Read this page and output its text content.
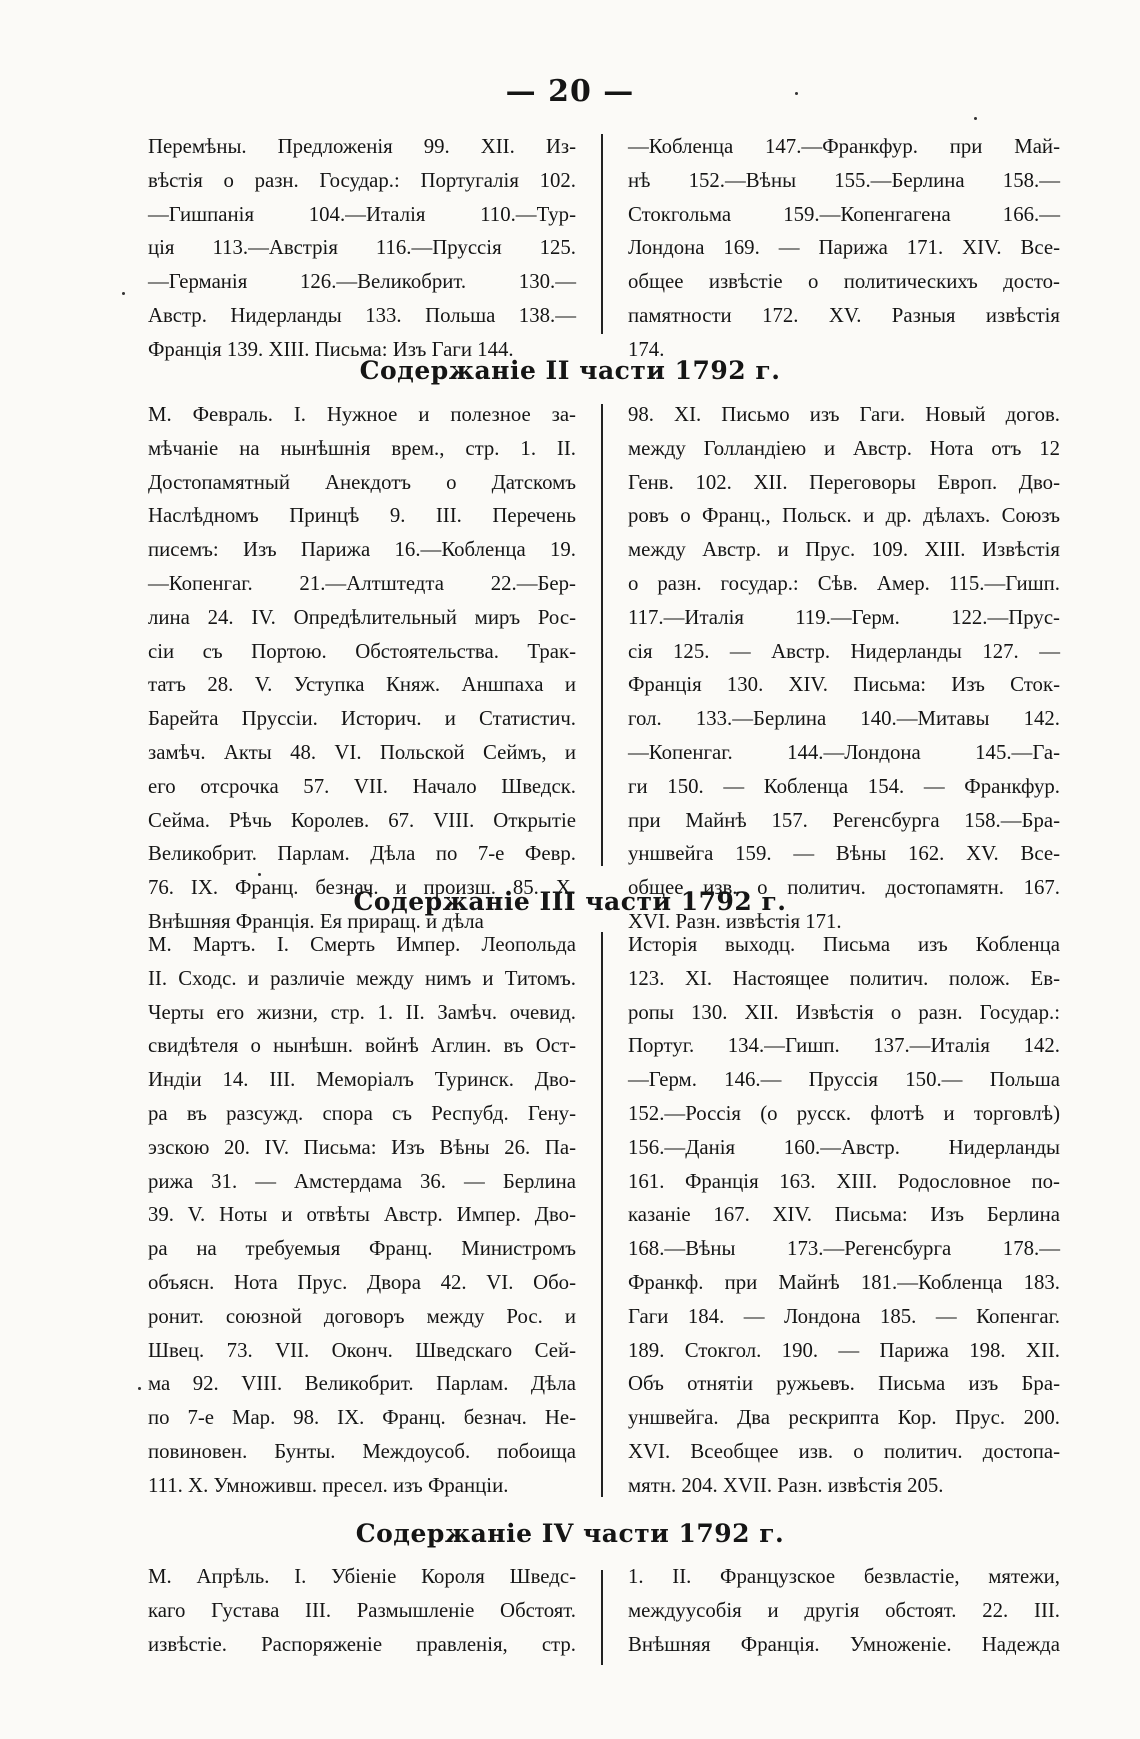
— 20 —
Перемѣны. Предложенія 99. XII. Из-
вѣстія о разн. Государ.: Португалія 102.
—Гишпанія 104.—Италія 110.—Тур-
ція 113.—Австрія 116.—Пруссія 125.
—Германія 126.—Великобрит. 130.—
Австр. Нидерланды 133. Польша 138.—
Франція 139. XIII. Письма: Изъ Гаги 144.
—Кобленца 147.—Франкфур. при Май-
нѣ 152.—Вѣны 155.—Берлина 158.—
Стокгольма 159.—Копенгагена 166.—
Лондона 169. — Парижа 171. XIV. Все-
общее извѣстіе о политическихъ досто-
памятности 172. XV. Разныя извѣстія
174.
Содержаніе II части 1792 г.
М. Февраль. I. Нужное и полезное за-
мѣчаніе на нынѣшнія врем., стр. 1. II.
Достопамятный Анекдотъ о Датскомъ
Наслѣдномъ Принцѣ 9. III. Перечень
писемъ: Изъ Парижа 16.—Кобленца 19.
—Копенгаг. 21.—Алтштедта 22.—Бер-
лина 24. IV. Опредѣлительный миръ Рос-
сіи съ Портою. Обстоятельства. Трак-
татъ 28. V. Уступка Княж. Аншпаха и
Барейта Пруссіи. Историч. и Статистич.
замѣч. Акты 48. VI. Польской Сеймъ, и
его отсрочка 57. VII. Начало Шведск.
Сейма. Рѣчь Королев. 67. VIII. Открытіе
Великобрит. Парлам. Дѣла по 7-е Февр.
76. IX. Франц. безнач. и произш. 85. X.
Внѣшняя Франція. Ея приращ. и дѣла
98. XI. Письмо изъ Гаги. Новый догов.
между Голландіею и Австр. Нота отъ 12
Генв. 102. XII. Переговоры Европ. Дво-
ровъ о Франц., Польск. и др. дѣлахъ. Союзъ
между Австр. и Прус. 109. XIII. Извѣстія
о разн. государ.: Сѣв. Амер. 115.—Гишп.
117.—Италія 119.—Герм. 122.—Прус-
сія 125. — Австр. Нидерланды 127. —
Франція 130. XIV. Письма: Изъ Сток-
гол. 133.—Берлина 140.—Митавы 142.
—Копенгаг. 144.—Лондона 145.—Га-
ги 150. — Кобленца 154. — Франкфур.
при Майнѣ 157. Регенсбурга 158.—Бра-
уншвейга 159. — Вѣны 162. XV. Все-
общее изв. о политич. достопамятн. 167.
XVI. Разн. извѣстія 171.
Содержаніе III части 1792 г.
М. Мартъ. I. Смерть Импер. Леопольда
II. Сходс. и различіе между нимъ и Титомъ.
Черты его жизни, стр. 1. II. Замѣч. очевид.
свидѣтеля о нынѣшн. войнѣ Аглин. въ Ост-
Индіи 14. III. Меморіалъ Туринск. Дво-
ра въ разсужд. спора съ Респубд. Гену-
эзскою 20. IV. Письма: Изъ Вѣны 26. Па-
рижа 31. — Амстердама 36. — Берлина
39. V. Ноты и отвѣты Австр. Импер. Дво-
ра на требуемыя Франц. Министромъ
объясн. Нота Прус. Двора 42. VI. Обо-
ронит. союзной договоръ между Рос. и
Швец. 73. VII. Оконч. Шведскаго Сей-
ма 92. VIII. Великобрит. Парлам. Дѣла
по 7-е Мар. 98. IX. Франц. безнач. Не-
повиновен. Бунты. Междоусоб. побоища
111. X. Умноживш. пресел. изъ Франціи.
Исторія выходц. Письма изъ Кобленца
123. XI. Настоящее политич. полож. Ев-
ропы 130. XII. Извѣстія о разн. Государ.:
Португ. 134.—Гишп. 137.—Италія 142.
—Герм. 146.— Пруссія 150.— Польша
152.—Россія (о русск. флотѣ и торговлѣ)
156.—Данія 160.—Австр. Нидерланды
161. Франція 163. XIII. Родословное по-
казаніе 167. XIV. Письма: Изъ Берлина
168.—Вѣны 173.—Регенсбурга 178.—
Франкф. при Майнѣ 181.—Кобленца 183.
Гаги 184. — Лондона 185. — Копенгаг.
189. Стокгол. 190. — Парижа 198. XII.
Объ отнятіи ружьевъ. Письма изъ Бра-
уншвейга. Два рескрипта Кор. Прус. 200.
XVI. Всеобщее изв. о политич. достопа-
мятн. 204. XVII. Разн. извѣстія 205.
Содержаніе IV части 1792 г.
М. Апрѣль. I. Убіеніе Короля Шведс-
каго Густава III. Размышленіе Обстоят.
извѣстіе. Распоряженіе правленія, стр.
1. II. Французское безвластіе, мятежи,
междуусобія и другія обстоят. 22. III.
Внѣшняя Франція. Умноженіе. Надежда
